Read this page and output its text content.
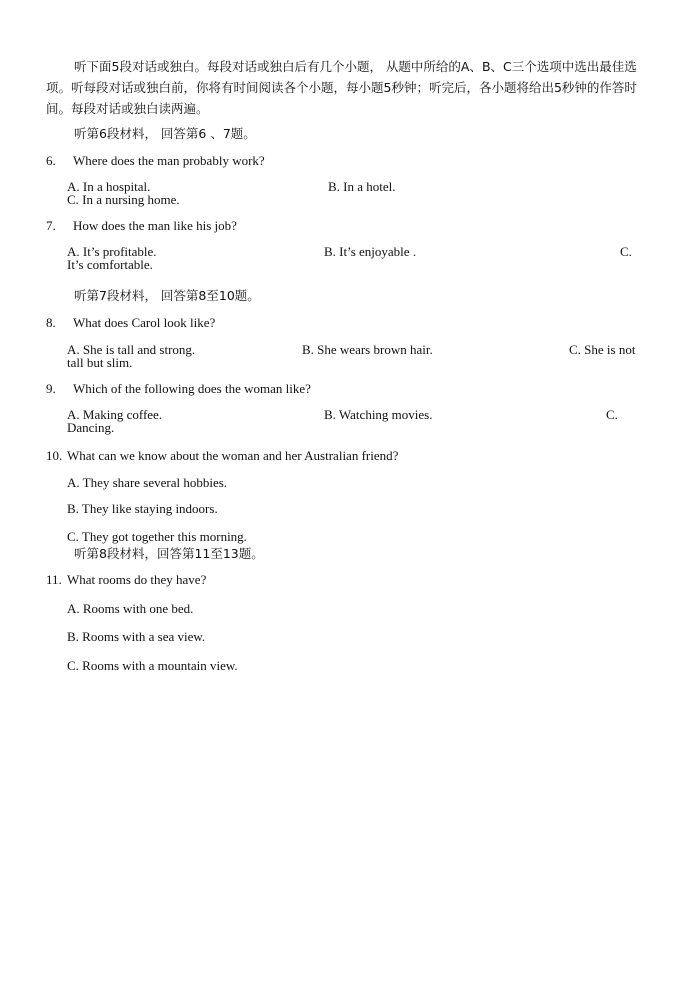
听下面5段对话或独白。每段对话或独白后有几个小题， 从题中所给的A、B、C三个选项中选出最佳选项。听每段对话或独白前，你将有时间阅读各个小题，每小题5秒钟；听完后，各小题将给出5秒钟的作答时间。每段对话或独白读两遍。
听第6段材料， 回答第6 、7题。
6. Where does the man probably work?
A. In a hospital.	B. In a hotel.
C. In a nursing home.
7. How does the man like his job?
A. It’s profitable.	B. It’s enjoyable .	C.
It’s comfortable.
听第7段材料， 回答第8至10题。
8. What does Carol look like?
A. She is tall and strong.	B. She wears brown hair.	C. She is not
tall but slim.
9. Which of the following does the woman like?
A. Making coffee.	B. Watching movies.	C.
Dancing.
10. What can we know about the woman and her Australian friend?
A. They share several hobbies.
B. They like staying indoors.
C. They got together this morning.
听第8段材料，回答第11至13题。
11. What rooms do they have?
A. Rooms with one bed.
B. Rooms with a sea view.
C. Rooms with a mountain view.
